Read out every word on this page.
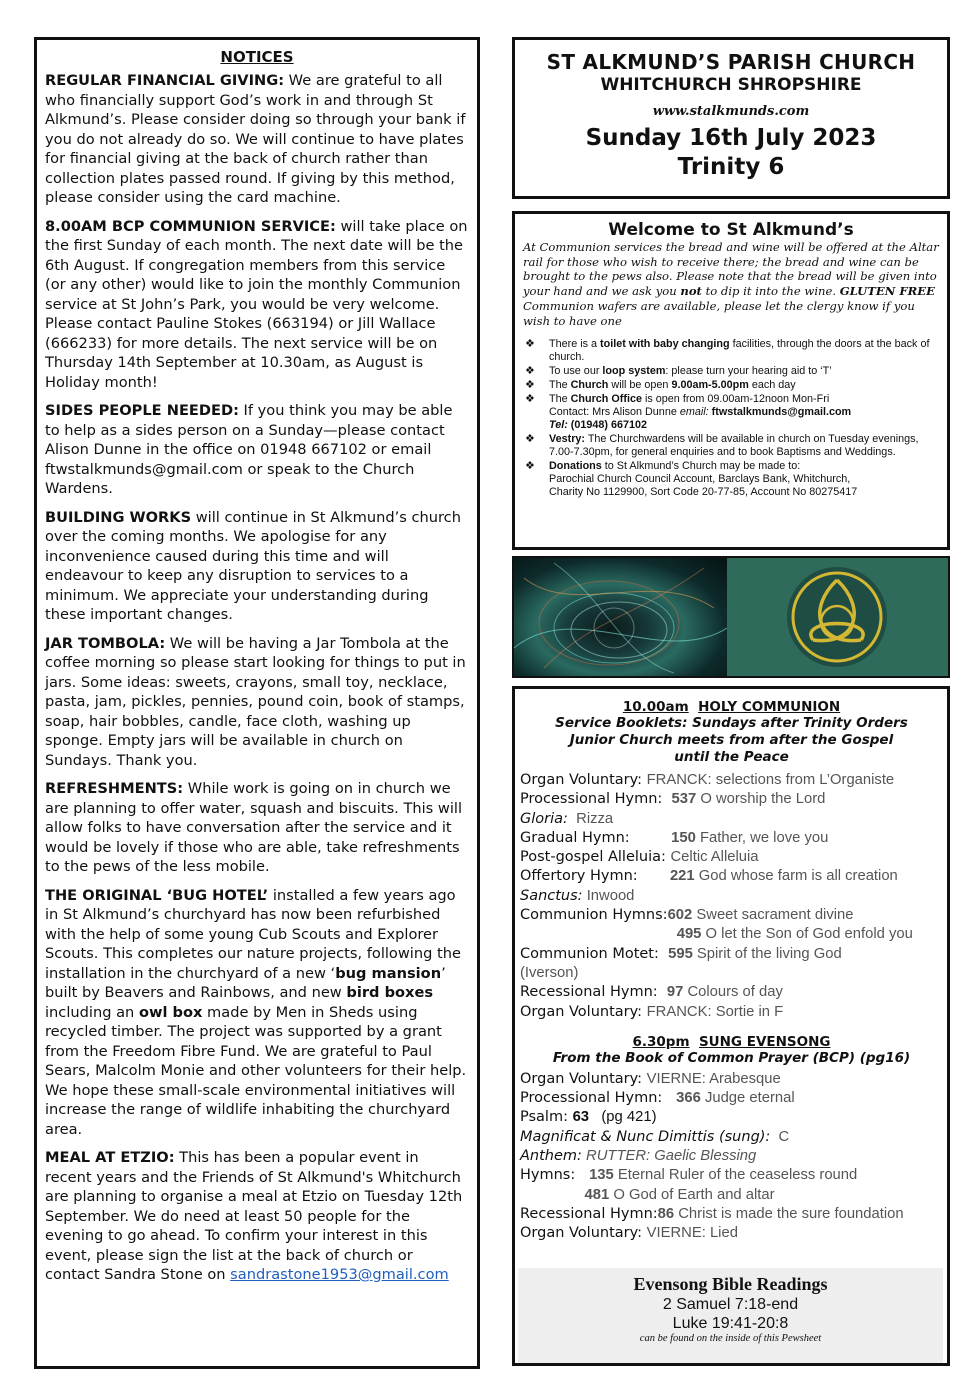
NOTICES

REGULAR FINANCIAL GIVING: We are grateful to all who financially support God’s work in and through St Alkmund’s. Please consider doing so through your bank if you do not already do so. We will continue to have plates for financial giving at the back of church rather than collection plates passed round. If giving by this method, please consider using the card machine.

8.00AM BCP COMMUNION SERVICE: will take place on the first Sunday of each month. The next date will be the 6th August. If congregation members from this service (or any other) would like to join the monthly Communion service at St John’s Park, you would be very welcome. Please contact Pauline Stokes (663194) or Jill Wallace (666233) for more details. The next service will be on Thursday 14th September at 10.30am, as August is Holiday month!

SIDES PEOPLE NEEDED: If you think you may be able to help as a sides person on a Sunday—please contact Alison Dunne in the office on 01948 667102 or email ftwstalkmunds@gmail.com or speak to the Church Wardens.

BUILDING WORKS will continue in St Alkmund’s church over the coming months. We apologise for any inconvenience caused during this time and will endeavour to keep any disruption to services to a minimum. We appreciate your understanding during these important changes.

JAR TOMBOLA: We will be having a Jar Tombola at the coffee morning so please start looking for things to put in jars. Some ideas: sweets, crayons, small toy, necklace, pasta, jam, pickles, pennies, pound coin, book of stamps, soap, hair bobbles, candle, face cloth, washing up sponge. Empty jars will be available in church on Sundays. Thank you.

REFRESHMENTS: While work is going on in church we are planning to offer water, squash and biscuits. This will allow folks to have conversation after the service and it would be lovely if those who are able, take refreshments to the pews of the less mobile.

THE ORIGINAL ‘BUG HOTEL’ installed a few years ago in St Alkmund’s churchyard has now been refurbished with the help of some young Cub Scouts and Explorer Scouts. This completes our nature projects, following the installation in the churchyard of a new ‘bug mansion’ built by Beavers and Rainbows, and new bird boxes including an owl box made by Men in Sheds using recycled timber. The project was supported by a grant from the Freedom Fibre Fund. We are grateful to Paul Sears, Malcolm Monie and other volunteers for their help. We hope these small-scale environmental initiatives will increase the range of wildlife inhabiting the churchyard area.

MEAL AT ETZIO: This has been a popular event in recent years and the Friends of St Alkmund's Whitchurch are planning to organise a meal at Etzio on Tuesday 12th September. We do need at least 50 people for the evening to go ahead. To confirm your interest in this event, please sign the list at the back of church or contact Sandra Stone on sandrastone1953@gmail.com

ST ALKMUND’S PARISH CHURCH
WHITCHURCH SHROPSHIRE
www.stalkmunds.com
Sunday 16th July 2023
Trinity 6
Welcome to St Alkmund’s
At Communion services the bread and wine will be offered at the Altar rail for those who wish to receive there; the bread and wine can be brought to the pews also. Please note that the bread will be given into your hand and we ask you not to dip it into the wine. GLUTEN FREE Communion wafers are available, please let the clergy know if you wish to have one
❖ There is a toilet with baby changing facilities, through the doors at the back of church.
❖ To use our loop system: please turn your hearing aid to ‘T’
❖ The Church will be open 9.00am-5.00pm each day
❖ The Church Office is open from 09.00am-12noon Mon-Fri
Contact: Mrs Alison Dunne email: ftwstalkmunds@gmail.com
Tel: (01948) 667102
❖ Vestry: The Churchwardens will be available in church on Tuesday evenings, 7.00-7.30pm, for general enquiries and to book Baptisms and Weddings.
❖ Donations to St Alkmund’s Church may be made to:
Parochial Church Council Account, Barclays Bank, Whitchurch,
Charity No 1129900, Sort Code 20-77-85, Account No 80275417
10.00am HOLY COMMUNION
Service Booklets: Sundays after Trinity Orders
Junior Church meets from after the Gospel
until the Peace
Organ Voluntary: FRANCK: selections from L’Organiste
Processional Hymn:  537 O worship the Lord
Gloria:  Rizza
Gradual Hymn:         150 Father, we love you
Post-gospel Alleluia: Celtic Alleluia
Offertory Hymn:       221 God whose farm is all creation
Sanctus: Inwood
Communion Hymns:602 Sweet sacrament divine
495 O let the Son of God enfold you
Communion Motet:  595 Spirit of the living God
(Iverson)
Recessional Hymn:  97 Colours of day
Organ Voluntary: FRANCK: Sortie in F
6.30pm SUNG EVENSONG
From the Book of Common Prayer (BCP) (pg16)
Organ Voluntary: VIERNE: Arabesque
Processional Hymn:   366 Judge eternal
Psalm: 63   (pg 421)
Magnificat & Nunc Dimittis (sung):  C
Anthem: RUTTER: Gaelic Blessing
Hymns:   135 Eternal Ruler of the ceaseless round
481 O God of Earth and altar
Recessional Hymn:86 Christ is made the sure foundation
Organ Voluntary: VIERNE: Lied
Evensong Bible Readings
2 Samuel 7:18-end
Luke 19:41-20:8
can be found on the inside of this Pewsheet
